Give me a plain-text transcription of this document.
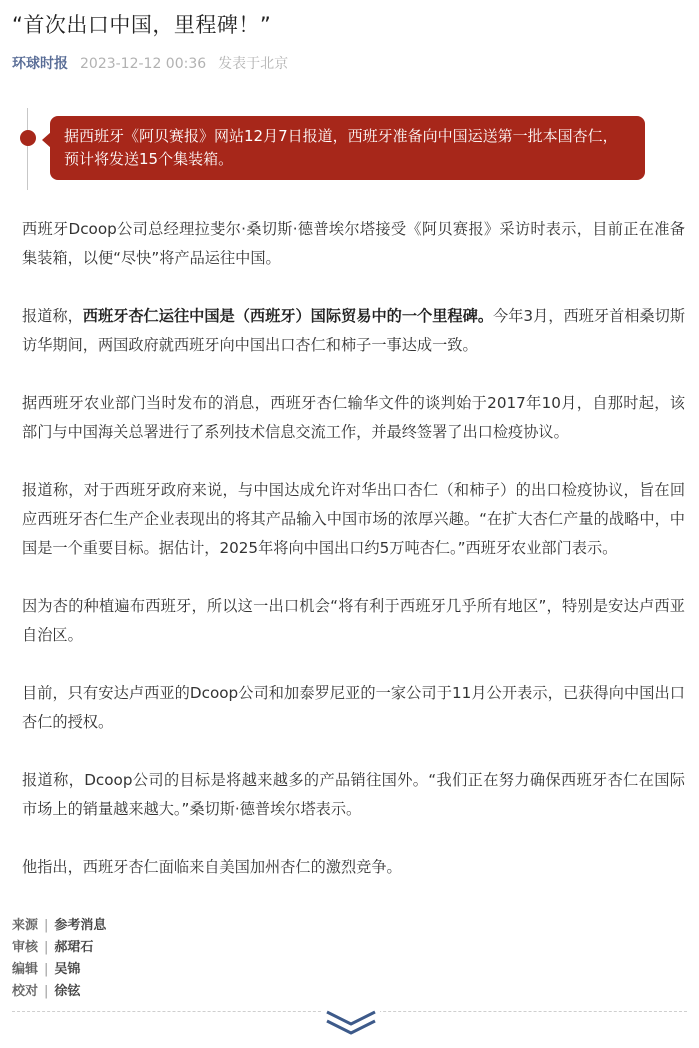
“首次出口中国，里程碑！”
环球时报 2023-12-12 00:36 发表于北京
据西班牙《阿贝赛报》网站12月7日报道，西班牙准备向中国运送第一批本国杏仁，预计将发送15个集装箱。

西班牙Dcoop公司总经理拉斐尔·桑切斯·德普埃尔塔接受《阿贝赛报》采访时表示，目前正在准备集装箱，以便“尽快”将产品运往中国。

报道称，西班牙杏仁运往中国是（西班牙）国际贸易中的一个里程碑。今年3月，西班牙首相桑切斯访华期间，两国政府就西班牙向中国出口杏仁和柿子一事达成一致。

据西班牙农业部门当时发布的消息，西班牙杏仁输华文件的谈判始于2017年10月，自那时起，该部门与中国海关总署进行了系列技术信息交流工作，并最终签署了出口检疫协议。

报道称，对于西班牙政府来说，与中国达成允许对华出口杏仁（和柿子）的出口检疫协议，旨在回应西班牙杏仁生产企业表现出的将其产品输入中国市场的浓厚兴趣。“在扩大杏仁产量的战略中，中国是一个重要目标。据估计，2025年将向中国出口约5万吨杏仁。”西班牙农业部门表示。

因为杏的种植遍布西班牙，所以这一出口机会“将有利于西班牙几乎所有地区”，特别是安达卢西亚自治区。

目前，只有安达卢西亚的Dcoop公司和加泰罗尼亚的一家公司于11月公开表示，已获得向中国出口杏仁的授权。

报道称，Dcoop公司的目标是将越来越多的产品销往国外。“我们正在努力确保西班牙杏仁在国际市场上的销量越来越大。”桑切斯·德普埃尔塔表示。

他指出，西班牙杏仁面临来自美国加州杏仁的激烈竞争。

来源 | 参考消息
审核 | 郝珺石
编辑 | 吴锦
校对 | 徐铉
